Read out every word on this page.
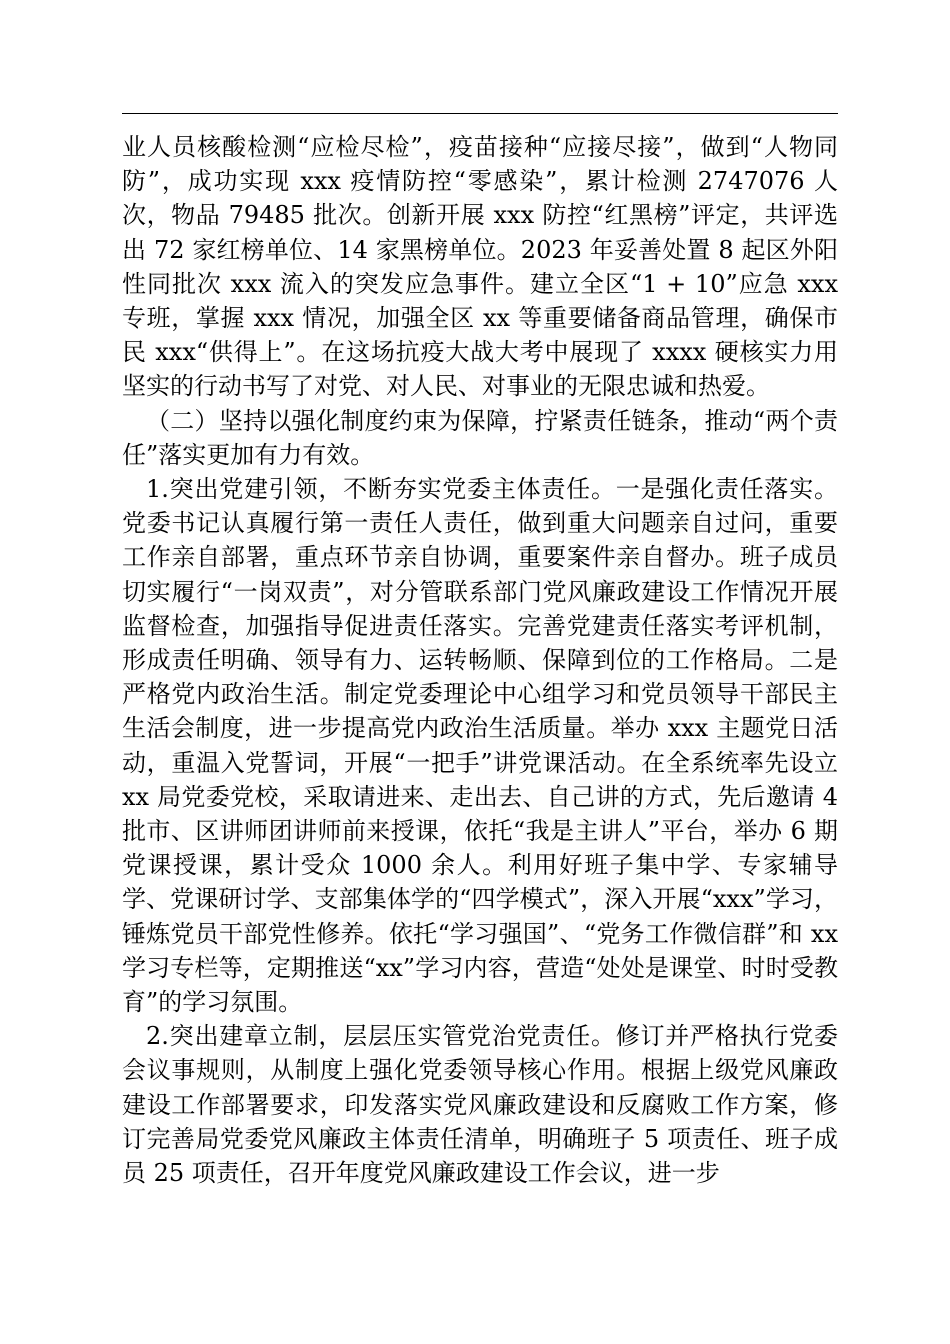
业人员核酸检测“应检尽检”，疫苗接种“应接尽接”，做到“人物同防”，成功实现 xxx 疫情防控“零感染”，累计检测 2747076 人次，物品 79485 批次。创新开展 xxx 防控“红黑榜”评定，共评选出 72 家红榜单位、14 家黑榜单位。2023 年妥善处置 8 起区外阳性同批次 xxx 流入的突发应急事件。建立全区“1 + 10”应急 xxx 专班，掌握 xxx 情况，加强全区 xx 等重要储备商品管理，确保市民 xxx“供得上”。在这场抗疫大战大考中展现了 xxxx 硬核实力用坚实的行动书写了对党、对人民、对事业的无限忠诚和热爱。

（二）坚持以强化制度约束为保障，拧紧责任链条，推动“两个责任”落实更加有力有效。

1.突出党建引领，不断夯实党委主体责任。一是强化责任落实。党委书记认真履行第一责任人责任，做到重大问题亲自过问，重要工作亲自部署，重点环节亲自协调，重要案件亲自督办。班子成员切实履行“一岗双责”，对分管联系部门党风廉政建设工作情况开展监督检查，加强指导促进责任落实。完善党建责任落实考评机制，形成责任明确、领导有力、运转畅顺、保障到位的工作格局。二是严格党内政治生活。制定党委理论中心组学习和党员领导干部民主生活会制度，进一步提高党内政治生活质量。举办 xxx 主题党日活动，重温入党誓词，开展“一把手”讲党课活动。在全系统率先设立 xx 局党委党校，采取请进来、走出去、自己讲的方式，先后邀请 4 批市、区讲师团讲师前来授课，依托“我是主讲人”平台，举办 6 期党课授课，累计受众 1000 余人。利用好班子集中学、专家辅导学、党课研讨学、支部集体学的“四学模式”，深入开展“xxx”学习，锤炼党员干部党性修养。依托“学习强国”、“党务工作微信群”和 xx 学习专栏等，定期推送“xx”学习内容，营造“处处是课堂、时时受教育”的学习氛围。

2.突出建章立制，层层压实管党治党责任。修订并严格执行党委会议事规则，从制度上强化党委领导核心作用。根据上级党风廉政建设工作部署要求，印发落实党风廉政建设和反腐败工作方案，修订完善局党委党风廉政主体责任清单，明确班子 5 项责任、班子成员 25 项责任，召开年度党风廉政建设工作会议，进一步
